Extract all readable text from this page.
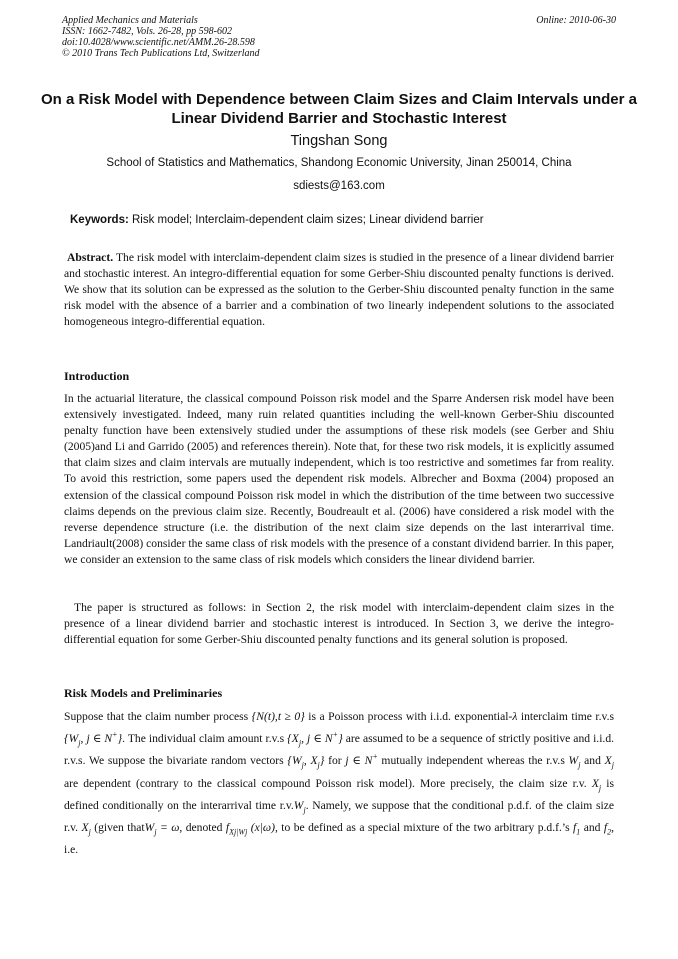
Applied Mechanics and Materials	Online: 2010-06-30
ISSN: 1662-7482, Vols. 26-28, pp 598-602
doi:10.4028/www.scientific.net/AMM.26-28.598
© 2010 Trans Tech Publications Ltd, Switzerland
On a Risk Model with Dependence between Claim Sizes and Claim Intervals under a Linear Dividend Barrier and Stochastic Interest
Tingshan Song
School of Statistics and Mathematics, Shandong Economic University, Jinan 250014, China
sdiests@163.com
Keywords: Risk model; Interclaim-dependent claim sizes; Linear dividend barrier
Abstract. The risk model with interclaim-dependent claim sizes is studied in the presence of a linear dividend barrier and stochastic interest. An integro-differential equation for some Gerber-Shiu discounted penalty functions is derived. We show that its solution can be expressed as the solution to the Gerber-Shiu discounted penalty function in the same risk model with the absence of a barrier and a combination of two linearly independent solutions to the associated homogeneous integro-differential equation.
Introduction
In the actuarial literature, the classical compound Poisson risk model and the Sparre Andersen risk model have been extensively investigated. Indeed, many ruin related quantities including the well-known Gerber-Shiu discounted penalty function have been extensively studied under the assumptions of these risk models (see Gerber and Shiu (2005)and Li and Garrido (2005) and references therein). Note that, for these two risk models, it is explicitly assumed that claim sizes and claim intervals are mutually independent, which is too restrictive and sometimes far from reality. To avoid this restriction, some papers used the dependent risk models. Albrecher and Boxma (2004) proposed an extension of the classical compound Poisson risk model in which the distribution of the time between two successive claims depends on the previous claim size. Recently, Boudreault et al. (2006) have considered a risk model with the reverse dependence structure (i.e. the distribution of the next claim size depends on the last interarrival time. Landriault(2008) consider the same class of risk models with the presence of a constant dividend barrier. In this paper, we consider an extension to the same class of risk models which considers the linear dividend barrier.
The paper is structured as follows: in Section 2, the risk model with interclaim-dependent claim sizes in the presence of a linear dividend barrier and stochastic interest is introduced. In Section 3, we derive the integro-differential equation for some Gerber-Shiu discounted penalty functions and its general solution is proposed.
Risk Models and Preliminaries
Suppose that the claim number process {N(t),t ≥ 0} is a Poisson process with i.i.d. exponential-λ interclaim time r.v.s {$W_j$, j ∈ N+}. The individual claim amount r.v.s {$X_j$, j ∈ N+} are assumed to be a sequence of strictly positive and i.i.d. r.v.s. We suppose the bivariate random vectors {$W_j$, $X_j$} for j ∈ N+ mutually independent whereas the r.v.s $W_j$ and $X_j$ are dependent (contrary to the classical compound Poisson risk model). More precisely, the claim size r.v. $X_j$ is defined conditionally on the interarrival time $r.v.W_j$. Namely, we suppose that the conditional p.d.f. of the claim size r.v. $X_j$ (given thatW$_j$ = ω, denoted $f_{Xj|Wj}$ (x|ω), to be defined as a special mixture of the two arbitrary p.d.f.’s $f_1$ and $f_2$, i.e.
